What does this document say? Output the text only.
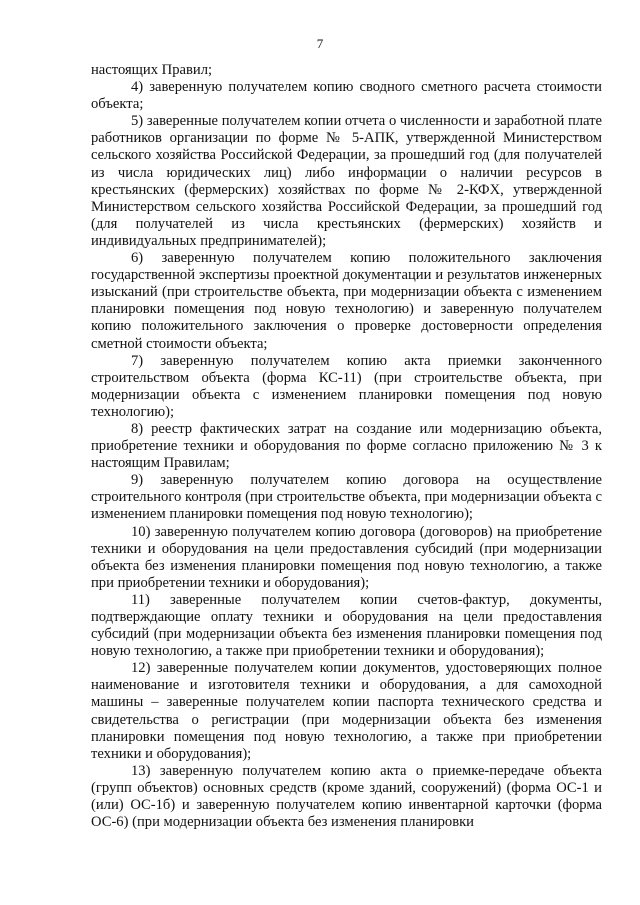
7

настоящих Правил;

4) заверенную получателем копию сводного сметного расчета стоимости объекта;

5) заверенные получателем копии отчета о численности и заработной плате работников организации по форме № 5-АПК, утвержденной Министерством сельского хозяйства Российской Федерации, за прошедший год (для получателей из числа юридических лиц) либо информации о наличии ресурсов в крестьянских (фермерских) хозяйствах по форме № 2-КФХ, утвержденной Министерством сельского хозяйства Российской Федерации, за прошедший год (для получателей из числа крестьянских (фермерских) хозяйств и индивидуальных предпринимателей);

6) заверенную получателем копию положительного заключения государственной экспертизы проектной документации и результатов инженерных изысканий (при строительстве объекта, при модернизации объекта с изменением планировки помещения под новую технологию) и заверенную получателем копию положительного заключения о проверке достоверности определения сметной стоимости объекта;

7) заверенную получателем копию акта приемки законченного строительством объекта (форма КС-11) (при строительстве объекта, при модернизации объекта с изменением планировки помещения под новую технологию);

8) реестр фактических затрат на создание или модернизацию объекта, приобретение техники и оборудования по форме согласно приложению № 3 к настоящим Правилам;

9) заверенную получателем копию договора на осуществление строительного контроля (при строительстве объекта, при модернизации объекта с изменением планировки помещения под новую технологию);

10) заверенную получателем копию договора (договоров) на приобретение техники и оборудования на цели предоставления субсидий (при модернизации объекта без изменения планировки помещения под новую технологию, а также при приобретении техники и оборудования);

11) заверенные получателем копии счетов-фактур, документы, подтверждающие оплату техники и оборудования на цели предоставления субсидий (при модернизации объекта без изменения планировки помещения под новую технологию, а также при приобретении техники и оборудования);

12) заверенные получателем копии документов, удостоверяющих полное наименование и изготовителя техники и оборудования, а для самоходной машины – заверенные получателем копии паспорта технического средства и свидетельства о регистрации (при модернизации объекта без изменения планировки помещения под новую технологию, а также при приобретении техники и оборудования);

13) заверенную получателем копию акта о приемке-передаче объекта (групп объектов) основных средств (кроме зданий, сооружений) (форма ОС-1 и (или) ОС-1б) и заверенную получателем копию инвентарной карточки (форма ОС-6) (при модернизации объекта без изменения планировки
